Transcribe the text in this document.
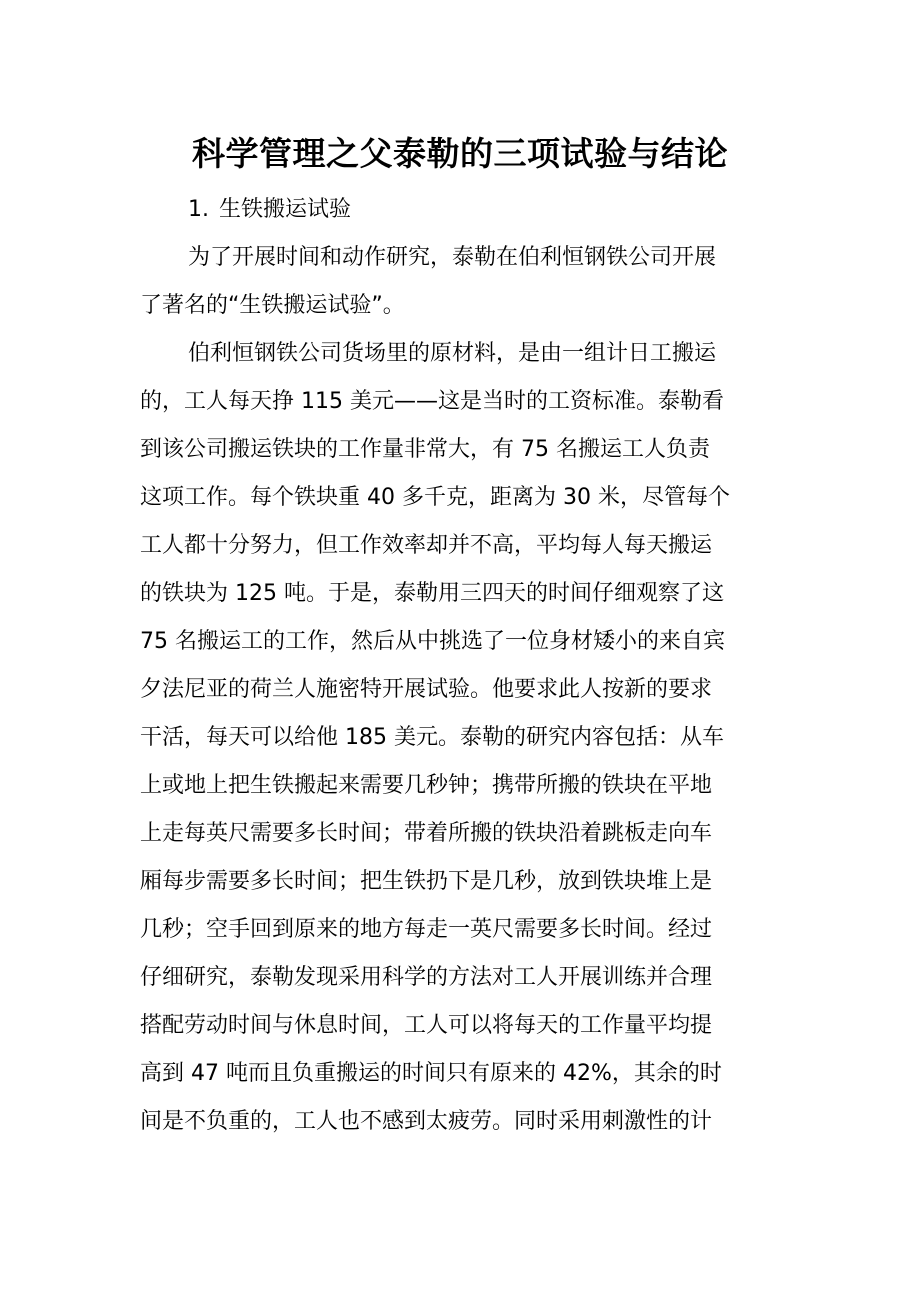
科学管理之父泰勒的三项试验与结论
1. 生铁搬运试验

为了开展时间和动作研究，泰勒在伯利恒钢铁公司开展
了著名的“生铁搬运试验”。

伯利恒钢铁公司货场里的原材料，是由一组计日工搬运
的，工人每天挣 115 美元——这是当时的工资标准。泰勒看
到该公司搬运铁块的工作量非常大，有 75 名搬运工人负责
这项工作。每个铁块重 40 多千克，距离为 30 米，尽管每个
工人都十分努力，但工作效率却并不高，平均每人每天搬运
的铁块为 125 吨。于是，泰勒用三四天的时间仔细观察了这
75 名搬运工的工作，然后从中挑选了一位身材矮小的来自宾
夕法尼亚的荷兰人施密特开展试验。他要求此人按新的要求
干活，每天可以给他 185 美元。泰勒的研究内容包括：从车
上或地上把生铁搬起来需要几秒钟；携带所搬的铁块在平地
上走每英尺需要多长时间；带着所搬的铁块沿着跳板走向车
厢每步需要多长时间；把生铁扔下是几秒，放到铁块堆上是
几秒；空手回到原来的地方每走一英尺需要多长时间。经过
仔细研究，泰勒发现采用科学的方法对工人开展训练并合理
搭配劳动时间与休息时间，工人可以将每天的工作量平均提
高到 47 吨而且负重搬运的时间只有原来的 42%，其余的时
间是不负重的，工人也不感到太疲劳。同时采用刺激性的计
